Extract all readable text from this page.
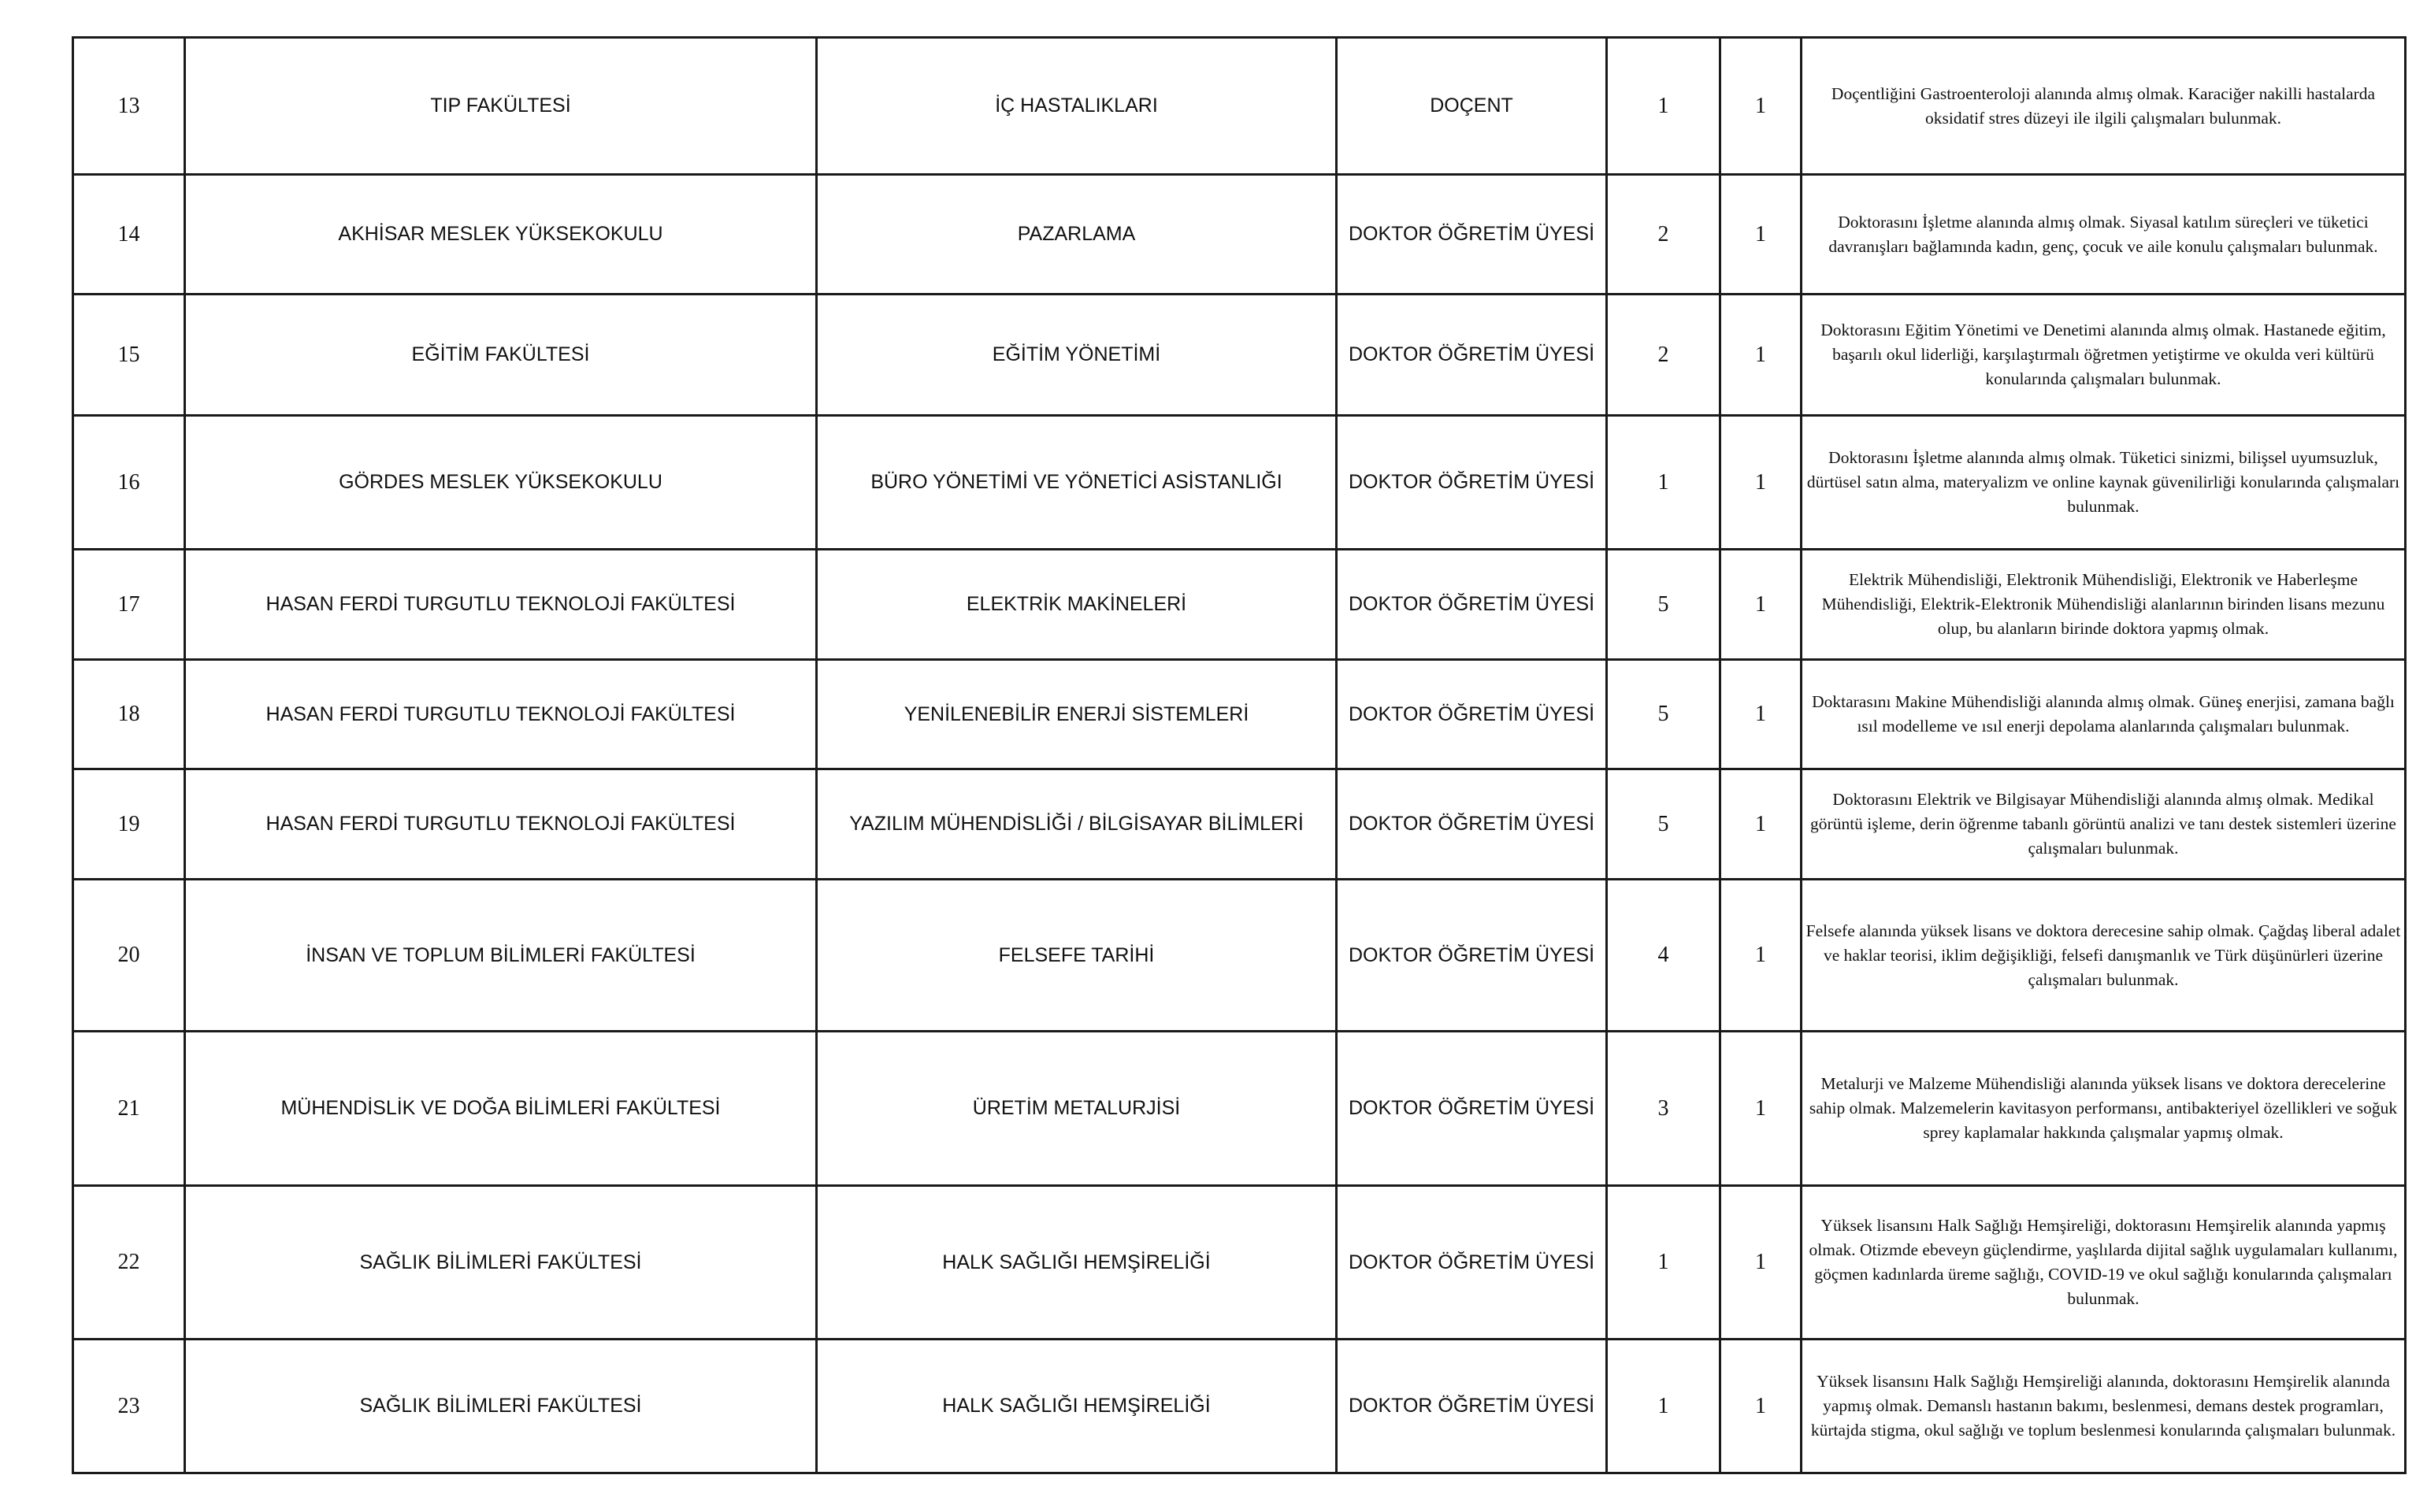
13	TIP FAKÜLTESİ	İÇ HASTALIKLARI	DOÇENT	1	1	Doçentliğini Gastroenteroloji alanında almış olmak. Karaciğer nakilli hastalarda oksidatif stres düzeyi ile ilgili çalışmaları bulunmak.
14	AKHİSAR MESLEK YÜKSEKOKULU	PAZARLAMA	DOKTOR ÖĞRETİM ÜYESİ	2	1	Doktorasını İşletme alanında almış olmak. Siyasal katılım süreçleri ve tüketici davranışları bağlamında kadın, genç, çocuk ve aile konulu çalışmaları bulunmak.
15	EĞİTİM FAKÜLTESİ	EĞİTİM YÖNETİMİ	DOKTOR ÖĞRETİM ÜYESİ	2	1	Doktorasını Eğitim Yönetimi ve Denetimi alanında almış olmak. Hastanede eğitim, başarılı okul liderliği, karşılaştırmalı öğretmen yetiştirme ve okulda veri kültürü konularında çalışmaları bulunmak.
16	GÖRDES MESLEK YÜKSEKOKULU	BÜRO YÖNETİMİ VE YÖNETİCİ ASİSTANLIĞI	DOKTOR ÖĞRETİM ÜYESİ	1	1	Doktorasını İşletme alanında almış olmak. Tüketici sinizmi, bilişsel uyumsuzluk, dürtüsel satın alma, materyalizm ve online kaynak güvenilirliği konularında çalışmaları bulunmak.
17	HASAN FERDİ TURGUTLU TEKNOLOJİ FAKÜLTESİ	ELEKTRİK MAKİNELERİ	DOKTOR ÖĞRETİM ÜYESİ	5	1	Elektrik Mühendisliği, Elektronik Mühendisliği, Elektronik ve Haberleşme Mühendisliği, Elektrik-Elektronik Mühendisliği alanlarının birinden lisans mezunu olup, bu alanların birinde doktora yapmış olmak.
18	HASAN FERDİ TURGUTLU TEKNOLOJİ FAKÜLTESİ	YENİLENEBİLİR ENERJİ SİSTEMLERİ	DOKTOR ÖĞRETİM ÜYESİ	5	1	Doktarasını Makine Mühendisliği alanında almış olmak. Güneş enerjisi, zamana bağlı ısıl modelleme ve ısıl enerji depolama alanlarında çalışmaları bulunmak.
19	HASAN FERDİ TURGUTLU TEKNOLOJİ FAKÜLTESİ	YAZILIM MÜHENDİSLİĞİ / BİLGİSAYAR BİLİMLERİ	DOKTOR ÖĞRETİM ÜYESİ	5	1	Doktorasını Elektrik ve Bilgisayar Mühendisliği alanında almış olmak. Medikal görüntü işleme, derin öğrenme tabanlı görüntü analizi ve tanı destek sistemleri üzerine çalışmaları bulunmak.
20	İNSAN VE TOPLUM BİLİMLERİ FAKÜLTESİ	FELSEFE TARİHİ	DOKTOR ÖĞRETİM ÜYESİ	4	1	Felsefe alanında yüksek lisans ve doktora derecesine sahip olmak. Çağdaş liberal adalet ve haklar teorisi, iklim değişikliği, felsefi danışmanlık ve Türk düşünürleri üzerine çalışmaları bulunmak.
21	MÜHENDİSLİK VE DOĞA BİLİMLERİ FAKÜLTESİ	ÜRETİM METALURJİSİ	DOKTOR ÖĞRETİM ÜYESİ	3	1	Metalurji ve Malzeme Mühendisliği alanında yüksek lisans ve doktora derecelerine sahip olmak. Malzemelerin kavitasyon performansı, antibakteriyel özellikleri ve soğuk sprey kaplamalar hakkında çalışmalar yapmış olmak.
22	SAĞLIK BİLİMLERİ FAKÜLTESİ	HALK SAĞLIĞI HEMŞİRELİĞİ	DOKTOR ÖĞRETİM ÜYESİ	1	1	Yüksek lisansını Halk Sağlığı Hemşireliği, doktorasını Hemşirelik alanında yapmış olmak. Otizmde ebeveyn güçlendirme, yaşlılarda dijital sağlık uygulamaları kullanımı, göçmen kadınlarda üreme sağlığı, COVID-19 ve okul sağlığı konularında çalışmaları bulunmak.
23	SAĞLIK BİLİMLERİ FAKÜLTESİ	HALK SAĞLIĞI HEMŞİRELİĞİ	DOKTOR ÖĞRETİM ÜYESİ	1	1	Yüksek lisansını Halk Sağlığı Hemşireliği alanında, doktorasını Hemşirelik alanında yapmış olmak. Demanslı hastanın bakımı, beslenmesi, demans destek programları, kürtajda stigma, okul sağlığı ve toplum beslenmesi konularında çalışmaları bulunmak.
